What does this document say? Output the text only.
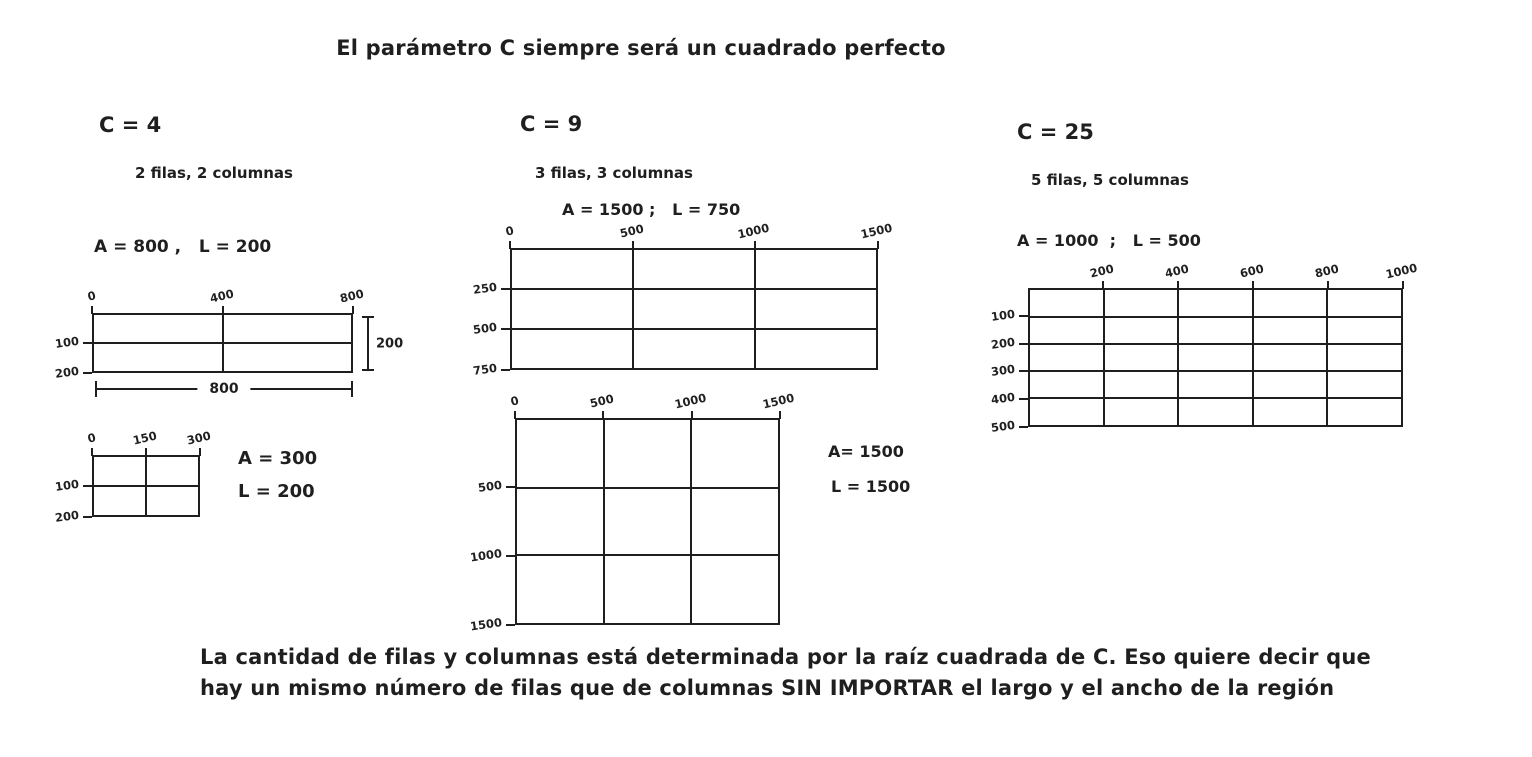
El parámetro C siempre será un cuadrado perfecto
C = 4
2 filas, 2 columnas
A = 800 ,   L = 200
0	400	800
100
200
200
800
0	150 300
100
200
A = 300
L = 200
C = 9
3 filas, 3 columnas
A = 1500 ;   L = 750
0	500	1000	1500
250
500
750
0	500	1000	1500
500
1000
1500
A= 1500
L = 1500
C = 25
5 filas, 5 columnas
A = 1000  ;   L = 500
200	400	600	800	1000
100
200
300
400
500
La cantidad de filas y columnas está determinada por la raíz cuadrada de C. Eso quiere decir que
hay un mismo número de filas que de columnas SIN IMPORTAR el largo y el ancho de la región
